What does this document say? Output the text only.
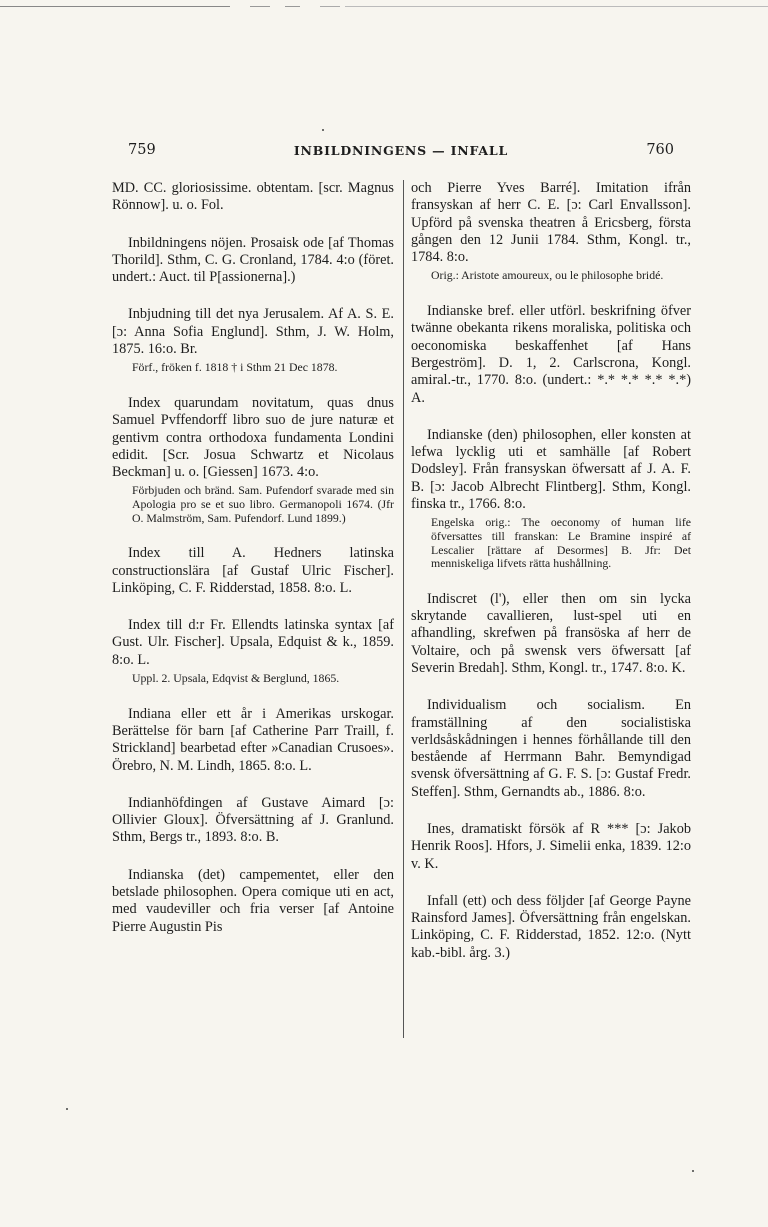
759	INBILDNINGENS — INFALL	760
MD. CC. gloriosissime. obtentam. [scr. Magnus Rönnow]. u. o. Fol.
Inbildningens nöjen. Prosaisk ode [af Thomas Thorild]. Sthm, C. G. Cronland, 1784. 4:o (föret. undert.: Auct. til P[assionerna].)
Inbjudning till det nya Jerusalem. Af A. S. E. [ɔ: Anna Sofia Englund]. Sthm, J. W. Holm, 1875. 16:o. Br.
Förf., fröken f. 1818 † i Sthm 21 Dec 1878.
Index quarundam novitatum, quas dnus Samuel Pvffendorff libro suo de jure naturæ et gentivm contra orthodoxa fundamenta Londini edidit. [Scr. Josua Schwartz et Nicolaus Beckman] u. o. [Giessen] 1673. 4:o.
Förbjuden och bränd. Sam. Pufendorf svarade med sin Apologia pro se et suo libro. Germanopoli 1674. (Jfr O. Malmström, Sam. Pufendorf. Lund 1899.)
Index till A. Hedners latinska constructionslära [af Gustaf Ulric Fischer]. Linköping, C. F. Ridderstad, 1858. 8:o. L.
Index till d:r Fr. Ellendts latinska syntax [af Gust. Ulr. Fischer]. Upsala, Edquist & k., 1859. 8:o. L.
Uppl. 2. Upsala, Edqvist & Berglund, 1865.
Indiana eller ett år i Amerikas urskogar. Berättelse för barn [af Catherine Parr Traill, f. Strickland] bearbetad efter »Canadian Crusoes». Örebro, N. M. Lindh, 1865. 8:o. L.
Indianhöfdingen af Gustave Aimard [ɔ: Ollivier Gloux]. Öfversättning af J. Granlund. Sthm, Bergs tr., 1893. 8:o. B.
Indianska (det) campementet, eller den betslade philosophen. Opera comique uti en act, med vaudeviller och fria verser [af Antoine Pierre Augustin Pis
och Pierre Yves Barré]. Imitation ifrån fransyskan af herr C. E. [ɔ: Carl Envallsson]. Upförd på svenska theatren å Ericsberg, första gången den 12 Junii 1784. Sthm, Kongl. tr., 1784. 8:o.
Orig.: Aristote amoureux, ou le philosophe bridé.
Indianske bref. eller utförl. beskrifning öfver twänne obekanta rikens moraliska, politiska och oeconomiska beskaffenhet [af Hans Bergeström]. D. 1, 2. Carlscrona, Kongl. amiral.-tr., 1770. 8:o. (undert.: *.* *.* *.* *.*) A.
Indianske (den) philosophen, eller konsten at lefwa lycklig uti et samhälle [af Robert Dodsley]. Från fransyskan öfwersatt af J. A. F. B. [ɔ: Jacob Albrecht Flintberg]. Sthm, Kongl. finska tr., 1766. 8:o.
Engelska orig.: The oeconomy of human life öfversattes till franskan: Le Bramine inspiré af Lescalier [rättare af Desormes] B. Jfr: Det menniskeliga lifvets rätta hushållning.
Indiscret (l'), eller then om sin lycka skrytande cavallieren, lust-spel uti en afhandling, skrefwen på fransöska af herr de Voltaire, och på swensk vers öfwersatt [af Severin Bredah]. Sthm, Kongl. tr., 1747. 8:o. K.
Individualism och socialism. En framställning af den socialistiska verldsåskådningen i hennes förhållande till den bestående af Herrmann Bahr. Bemyndigad svensk öfversättning af G. F. S. [ɔ: Gustaf Fredr. Steffen]. Sthm, Gernandts ab., 1886. 8:o.
Ines, dramatiskt försök af R *** [ɔ: Jakob Henrik Roos]. Hfors, J. Simelii enka, 1839. 12:o v. K.
Infall (ett) och dess följder [af George Payne Rainsford James]. Öfversättning från engelskan. Linköping, C. F. Ridderstad, 1852. 12:o. (Nytt kab.-bibl. årg. 3.)
